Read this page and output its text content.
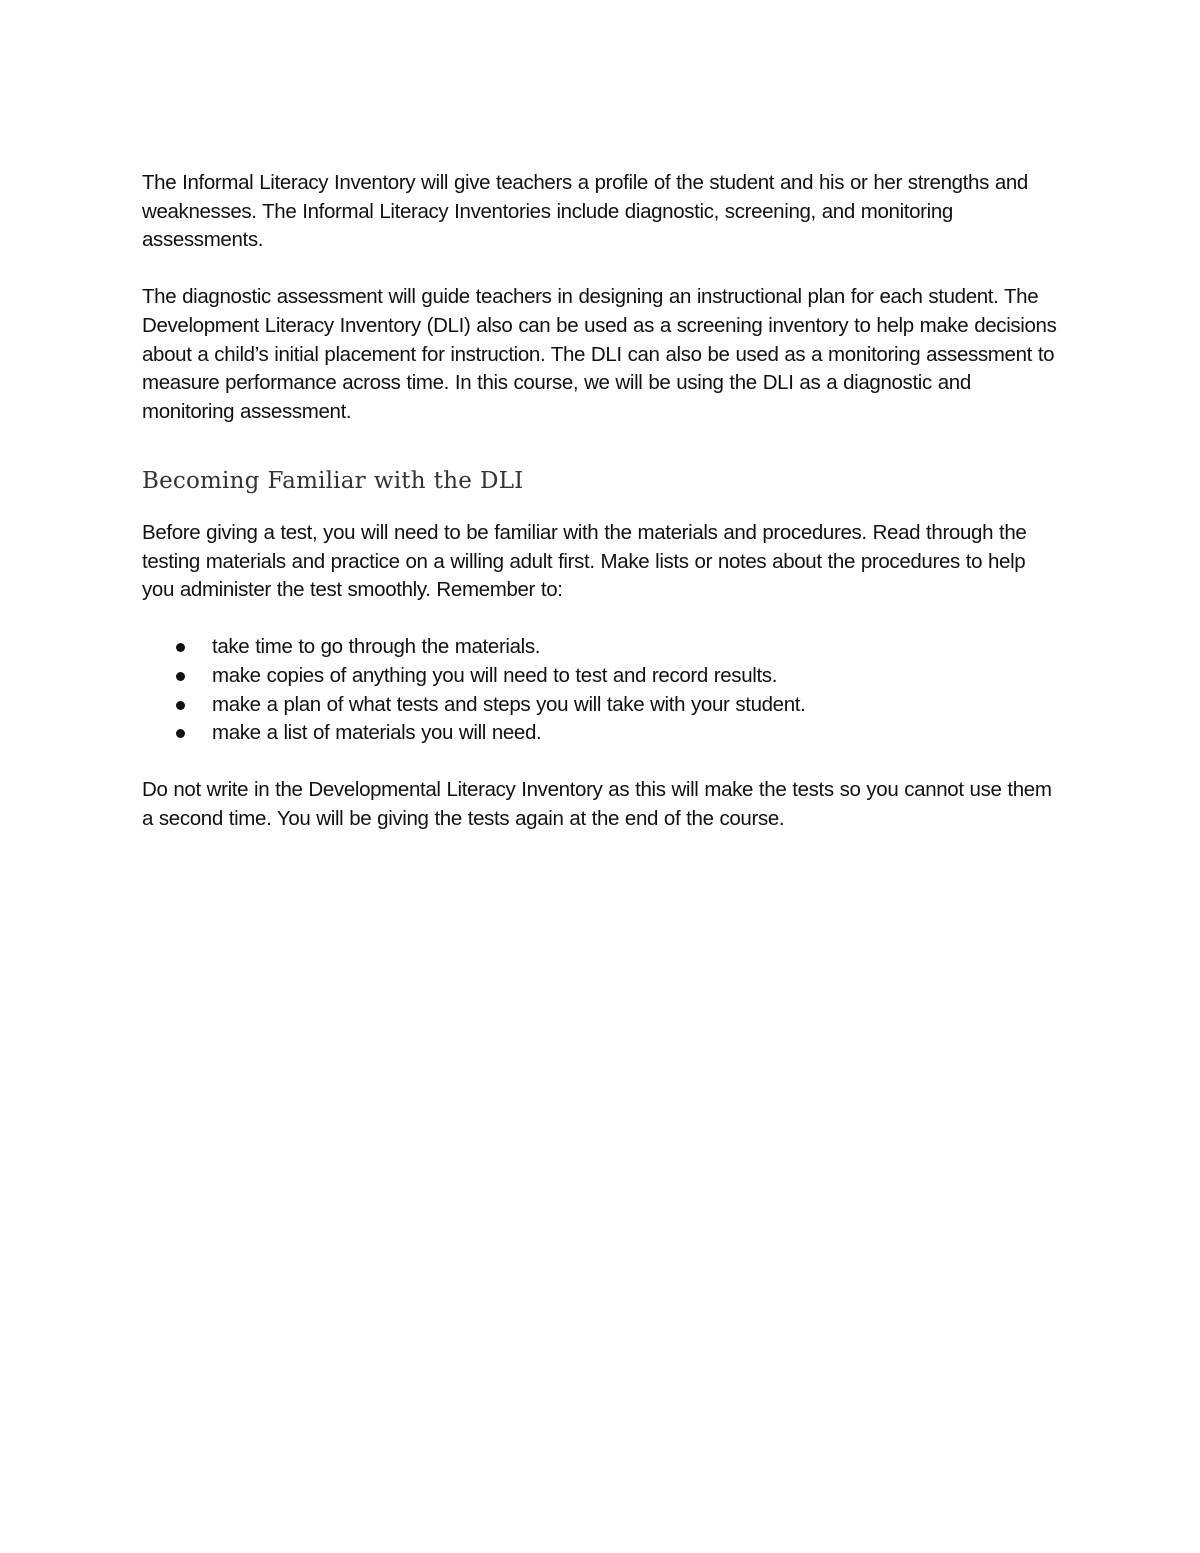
The Informal Literacy Inventory will give teachers a profile of the student and his or her strengths and weaknesses. The Informal Literacy Inventories include diagnostic, screening, and monitoring assessments.

The diagnostic assessment will guide teachers in designing an instructional plan for each student. The Development Literacy Inventory (DLI) also can be used as a screening inventory to help make decisions about a child’s initial placement for instruction. The DLI can also be used as a monitoring assessment to measure performance across time. In this course, we will be using the DLI as a diagnostic and monitoring assessment.

Becoming Familiar with the DLI

Before giving a test, you will need to be familiar with the materials and procedures. Read through the testing materials and practice on a willing adult first. Make lists or notes about the procedures to help you administer the test smoothly. Remember to:

take time to go through the materials.
make copies of anything you will need to test and record results.
make a plan of what tests and steps you will take with your student.
make a list of materials you will need.

Do not write in the Developmental Literacy Inventory as this will make the tests so you cannot use them a second time. You will be giving the tests again at the end of the course.
